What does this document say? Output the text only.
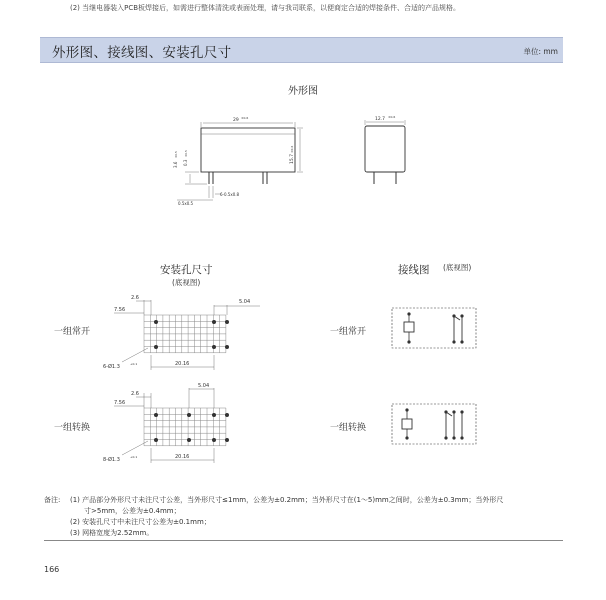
(2) 当继电器装入PCB板焊接后，如需进行整体清洗或表面处理，请与我司联系，以便商定合适的焊接条件、合适的产品规格。
外形图、接线图、安装孔尺寸	单位: mm
外形图
29 ±0.6
15.7
±0.6
3.6
±0.5
0.3
±0.5
0.5x0.5
6-0.5x0.8
12.7 ±0.6
安装孔尺寸
(底视图)
接线图 (底视图)
一组常开
一组转换
一组常开
一组转换
2.6
7.56
5.04
20.16
6-Ø1.3	+0.1
2.6
7.56
5.04
20.16
8-Ø1.3	+0.1
备注: (1) 产品部分外形尺寸未注尺寸公差，当外形尺寸≤1mm，公差为±0.2mm；当外形尺寸在(1～5)mm之间时，公差为±0.3mm；当外形尺
寸>5mm，公差为±0.4mm；
(2) 安装孔尺寸中未注尺寸公差为±0.1mm；
(3) 网格宽度为2.52mm。
166
